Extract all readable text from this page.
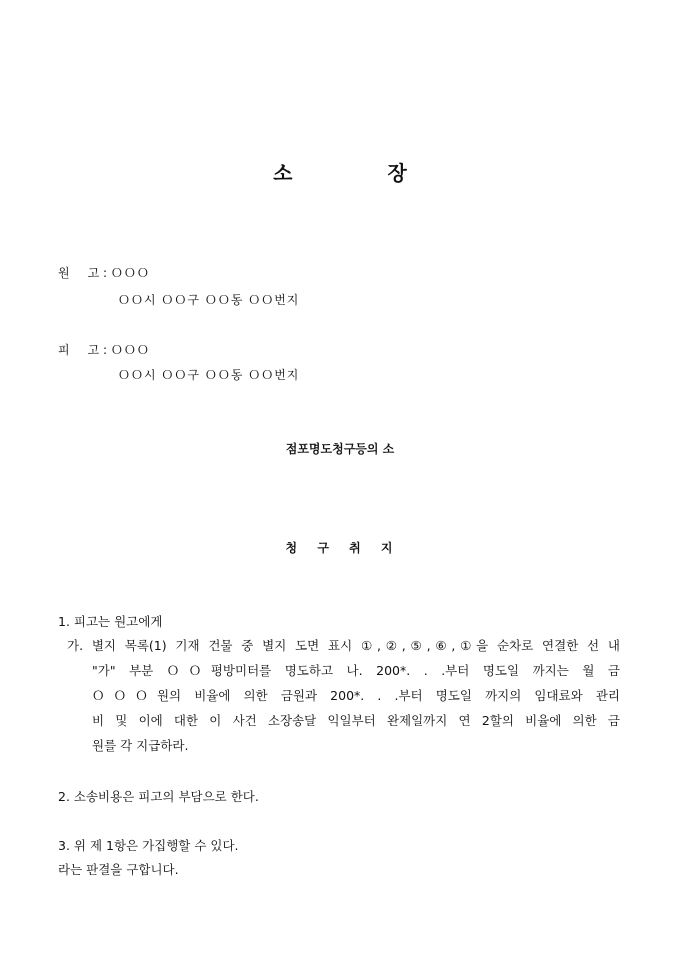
소	장
원 고 : ＯＯＯ
ＯＯ시 ＯＯ구 ＯＯ동 ＯＯ번지
피 고 : ＯＯＯ
ＯＯ시 ＯＯ구 ＯＯ동 ＯＯ번지
점포명도청구등의 소
청 구 취 지
1. 피고는 원고에게
가. 별지 목록(1) 기재 건물 중 별지 도면 표시 ①,②,⑤,⑥,①을 순차로 연결한 선 내
"가" 부분 ＯＯ평방미터를 명도하고 나. 200*. . .부터 명도일 까지는 월 금
ＯＯＯ원의 비율에 의한 금원과 200*. . .부터 명도일 까지의 임대료와 관리
비 및 이에 대한 이 사건 소장송달 익일부터 완제일까지 연 2할의 비율에 의한 금
원를 각 지급하라.
2. 소송비용은 피고의 부담으로 한다.
3. 위 제 1항은 가집행할 수 있다.
라는 판결을 구합니다.
